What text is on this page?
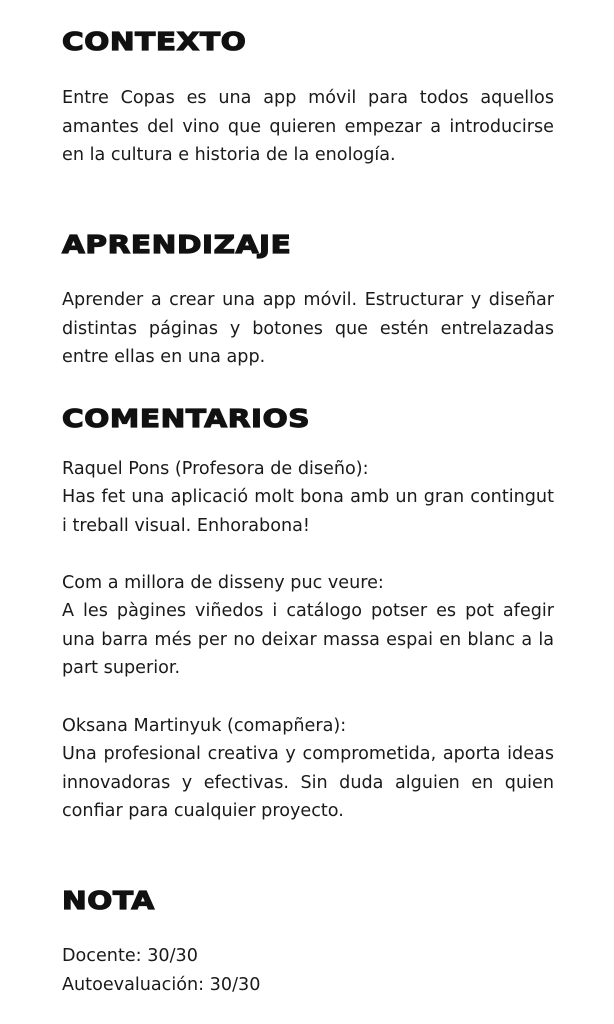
CONTEXTO

Entre Copas es una app móvil para todos aquellos amantes del vino que quieren empezar a introducirse en la cultura e historia de la enología.

APRENDIZAJE

Aprender a crear una app móvil. Estructurar y diseñar distintas páginas y botones que estén entrelazadas entre ellas en una app.

COMENTARIOS

Raquel Pons (Profesora de diseño):

Has fet una aplicació molt bona amb un gran contingut i treball visual. Enhorabona!

Com a millora de disseny puc veure:

A les pàgines viñedos i catálogo potser es pot afegir una barra més per no deixar massa espai en blanc a la part superior.

Oksana Martinyuk (comapñera):

Una profesional creativa y comprometida, aporta ideas innovadoras y efectivas. Sin duda alguien en quien confiar para cualquier proyecto.

NOTA

Docente: 30/30

Autoevaluación: 30/30
